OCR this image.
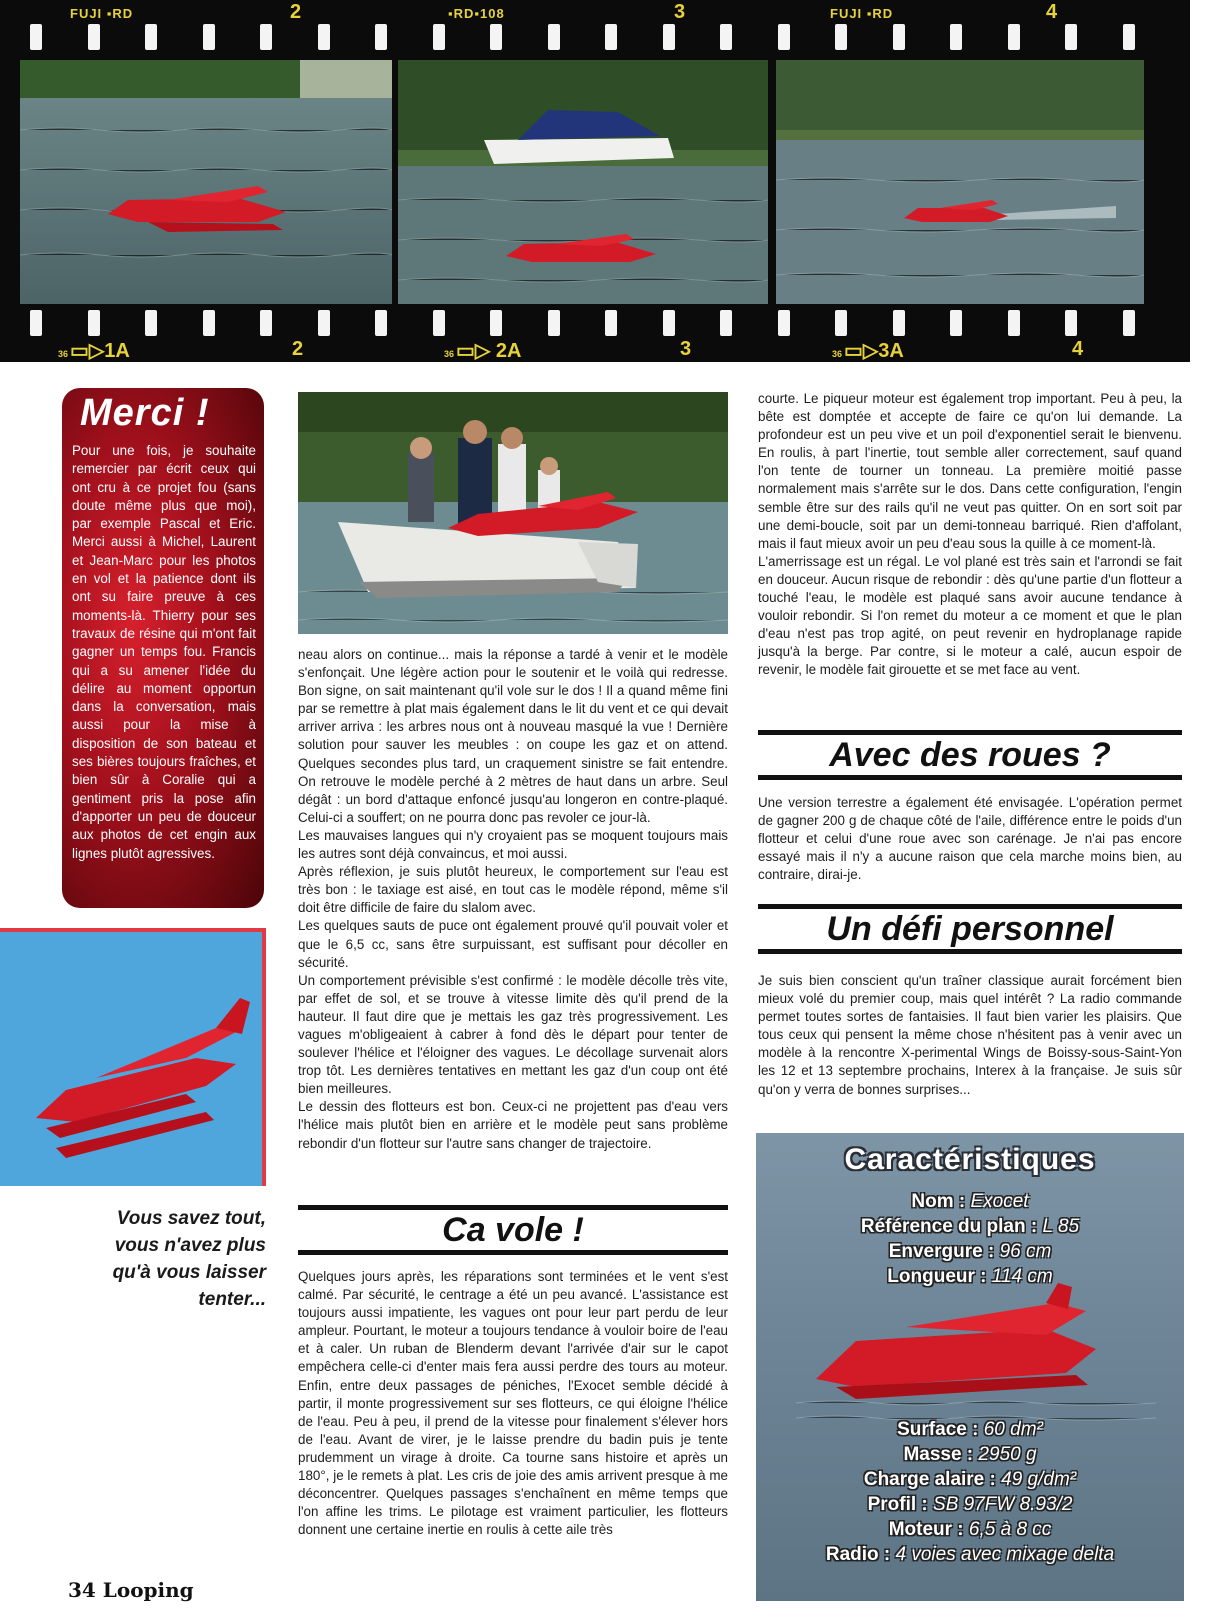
FUJI ▪RD	2	▪RD▪108	3	FUJI ▪RD	4
36 ▭▷1A	2	36 ▭▷ 2A	3	36 ▭▷3A	4
Merci !

Pour une fois, je souhaite remercier par écrit ceux qui ont cru à ce projet fou (sans doute même plus que moi), par exemple Pascal et Eric. Merci aussi à Michel, Laurent et Jean-Marc pour les photos en vol et la patience dont ils ont su faire preuve à ces moments-là. Thierry pour ses travaux de résine qui m'ont fait gagner un temps fou. Francis qui a su amener l'idée du délire au moment opportun dans la conversation, mais aussi pour la mise à disposition de son bateau et ses bières toujours fraîches, et bien sûr à Coralie qui a gentiment pris la pose afin d'apporter un peu de douceur aux photos de cet engin aux lignes plutôt agressives.

Vous savez tout, vous n'avez plus qu'à vous laisser tenter...

neau alors on continue... mais la réponse a tardé à venir et le modèle s'enfonçait. Une légère action pour le soutenir et le voilà qui redresse. Bon signe, on sait maintenant qu'il vole sur le dos ! Il a quand même fini par se remettre à plat mais également dans le lit du vent et ce qui devait arriver arriva : les arbres nous ont à nouveau masqué la vue ! Dernière solution pour sauver les meubles : on coupe les gaz et on attend. Quelques secondes plus tard, un craquement sinistre se fait entendre. On retrouve le modèle perché à 2 mètres de haut dans un arbre. Seul dégât : un bord d'attaque enfoncé jusqu'au longeron en contre-plaqué. Celui-ci a souffert; on ne pourra donc pas revoler ce jour-là.

Les mauvaises langues qui n'y croyaient pas se moquent toujours mais les autres sont déjà convaincus, et moi aussi.

Après réflexion, je suis plutôt heureux, le comportement sur l'eau est très bon : le taxiage est aisé, en tout cas le modèle répond, même s'il doit être difficile de faire du slalom avec.

Les quelques sauts de puce ont également prouvé qu'il pouvait voler et que le 6,5 cc, sans être surpuissant, est suffisant pour décoller en sécurité.

Un comportement prévisible s'est confirmé : le modèle décolle très vite, par effet de sol, et se trouve à vitesse limite dès qu'il prend de la hauteur. Il faut dire que je mettais les gaz très progressivement. Les vagues m'obligeaient à cabrer à fond dès le départ pour tenter de soulever l'hélice et l'éloigner des vagues. Le décollage survenait alors trop tôt. Les dernières tentatives en mettant les gaz d'un coup ont été bien meilleures.

Le dessin des flotteurs est bon. Ceux-ci ne projettent pas d'eau vers l'hélice mais plutôt bien en arrière et le modèle peut sans problème rebondir d'un flotteur sur l'autre sans changer de trajectoire.

Ca vole !

Quelques jours après, les réparations sont terminées et le vent s'est calmé. Par sécurité, le centrage a été un peu avancé. L'assistance est toujours aussi impatiente, les vagues ont pour leur part perdu de leur ampleur. Pourtant, le moteur a toujours tendance à vouloir boire de l'eau et à caler. Un ruban de Blenderm devant l'arrivée d'air sur le capot empêchera celle-ci d'enter mais fera aussi perdre des tours au moteur. Enfin, entre deux passages de péniches, l'Exocet semble décidé à partir, il monte progressivement sur ses flotteurs, ce qui éloigne l'hélice de l'eau. Peu à peu, il prend de la vitesse pour finalement s'élever hors de l'eau. Avant de virer, je le laisse prendre du badin puis je tente prudemment un virage à droite. Ca tourne sans histoire et après un 180°, je le remets à plat. Les cris de joie des amis arrivent presque à me déconcentrer. Quelques passages s'enchaînent en même temps que l'on affine les trims. Le pilotage est vraiment particulier, les flotteurs donnent une certaine inertie en roulis à cette aile très

courte. Le piqueur moteur est également trop important. Peu à peu, la bête est domptée et accepte de faire ce qu'on lui demande. La profondeur est un peu vive et un poil d'exponentiel serait le bienvenu. En roulis, à part l'inertie, tout semble aller correctement, sauf quand l'on tente de tourner un tonneau. La première moitié passe normalement mais s'arrête sur le dos. Dans cette configuration, l'engin semble être sur des rails qu'il ne veut pas quitter. On en sort soit par une demi-boucle, soit par un demi-tonneau barriqué. Rien d'affolant, mais il faut mieux avoir un peu d'eau sous la quille à ce moment-là.

L'amerrissage est un régal. Le vol plané est très sain et l'arrondi se fait en douceur. Aucun risque de rebondir : dès qu'une partie d'un flotteur a touché l'eau, le modèle est plaqué sans avoir aucune tendance à vouloir rebondir. Si l'on remet du moteur a ce moment et que le plan d'eau n'est pas trop agité, on peut revenir en hydroplanage rapide jusqu'à la berge. Par contre, si le moteur a calé, aucun espoir de revenir, le modèle fait girouette et se met face au vent.

Avec des roues ?

Une version terrestre a également été envisagée. L'opération permet de gagner 200 g de chaque côté de l'aile, différence entre le poids d'un flotteur et celui d'une roue avec son carénage. Je n'ai pas encore essayé mais il n'y a aucune raison que cela marche moins bien, au contraire, dirai-je.

Un défi personnel

Je suis bien conscient qu'un traîner classique aurait forcément bien mieux volé du premier coup, mais quel intérêt ? La radio commande permet toutes sortes de fantaisies. Il faut bien varier les plaisirs. Que tous ceux qui pensent la même chose n'hésitent pas à venir avec un modèle à la rencontre X-perimental Wings de Boissy-sous-Saint-Yon les 12 et 13 septembre prochains, Interex à la française. Je suis sûr qu'on y verra de bonnes surprises...

Caractéristiques
Nom : Exocet
Référence du plan : L 85
Envergure : 96 cm
Longueur : 114 cm
Surface : 60 dm²
Masse : 2950 g
Charge alaire : 49 g/dm²
Profil : SB 97FW 8.93/2
Moteur : 6,5 à 8 cc
Radio : 4 voies avec mixage delta
34 Looping
